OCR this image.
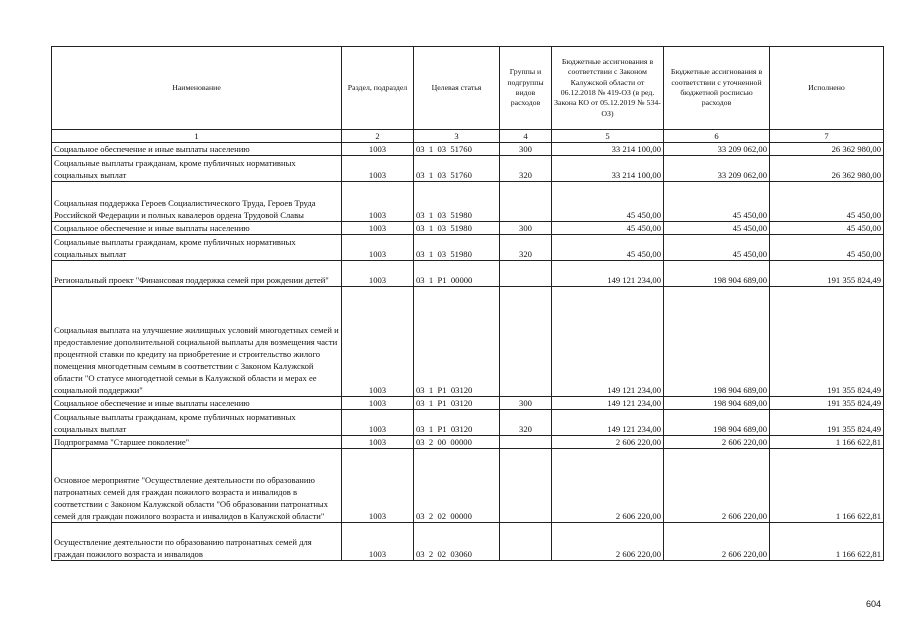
Наименование	Раздел, подраздел	Целевая статья	Группы и подгруппы видов расходов	Бюджетные ассигнования в соответствии с Законом Калужской области от 06.12.2018 № 419-ОЗ (в ред. Закона КО от 05.12.2019 № 534-ОЗ)	Бюджетные ассигнования в соответствии с уточненной бюджетной росписью расходов	Исполнено
1	2	3	4	5	6	7
Социальное обеспечение и иные выплаты населению	1003	03  1  03  51760	300	33 214 100,00	33 209 062,00	26 362 980,00
Социальные выплаты гражданам, кроме публичных нормативных социальных выплат	1003	03  1  03  51760	320	33 214 100,00	33 209 062,00	26 362 980,00
Социальная поддержка Героев Социалистического Труда, Героев Труда Российской Федерации и полных кавалеров ордена Трудовой Славы	1003	03  1  03  51980		45 450,00	45 450,00	45 450,00
Социальное обеспечение и иные выплаты населению	1003	03  1  03  51980	300	45 450,00	45 450,00	45 450,00
Социальные выплаты гражданам, кроме публичных нормативных социальных выплат	1003	03  1  03  51980	320	45 450,00	45 450,00	45 450,00
Региональный проект "Финансовая поддержка семей при рождении детей"	1003	03  1  P1  00000		149 121 234,00	198 904 689,00	191 355 824,49
Социальная выплата на улучшение жилищных условий многодетных семей и предоставление дополнительной социальной выплаты для возмещения части процентной ставки по кредиту на приобретение и строительство жилого помещения многодетным семьям в соответствии с Законом Калужской области "О статусе многодетной семьи в Калужской области и мерах ее социальной поддержки"	1003	03  1  P1  03120		149 121 234,00	198 904 689,00	191 355 824,49
Социальное обеспечение и иные выплаты населению	1003	03  1  P1  03120	300	149 121 234,00	198 904 689,00	191 355 824,49
Социальные выплаты гражданам, кроме публичных нормативных социальных выплат	1003	03  1  P1  03120	320	149 121 234,00	198 904 689,00	191 355 824,49
Подпрограмма "Старшее поколение"	1003	03  2  00  00000		2 606 220,00	2 606 220,00	1 166 622,81
Основное мероприятие "Осуществление деятельности по образованию патронатных семей для граждан пожилого возраста и инвалидов в соответствии с Законом Калужской области "Об образовании патронатных семей для граждан пожилого возраста и инвалидов в Калужской области"	1003	03  2  02  00000		2 606 220,00	2 606 220,00	1 166 622,81
Осуществление деятельности по образованию патронатных семей для граждан пожилого возраста и инвалидов	1003	03  2  02  03060		2 606 220,00	2 606 220,00	1 166 622,81
604
